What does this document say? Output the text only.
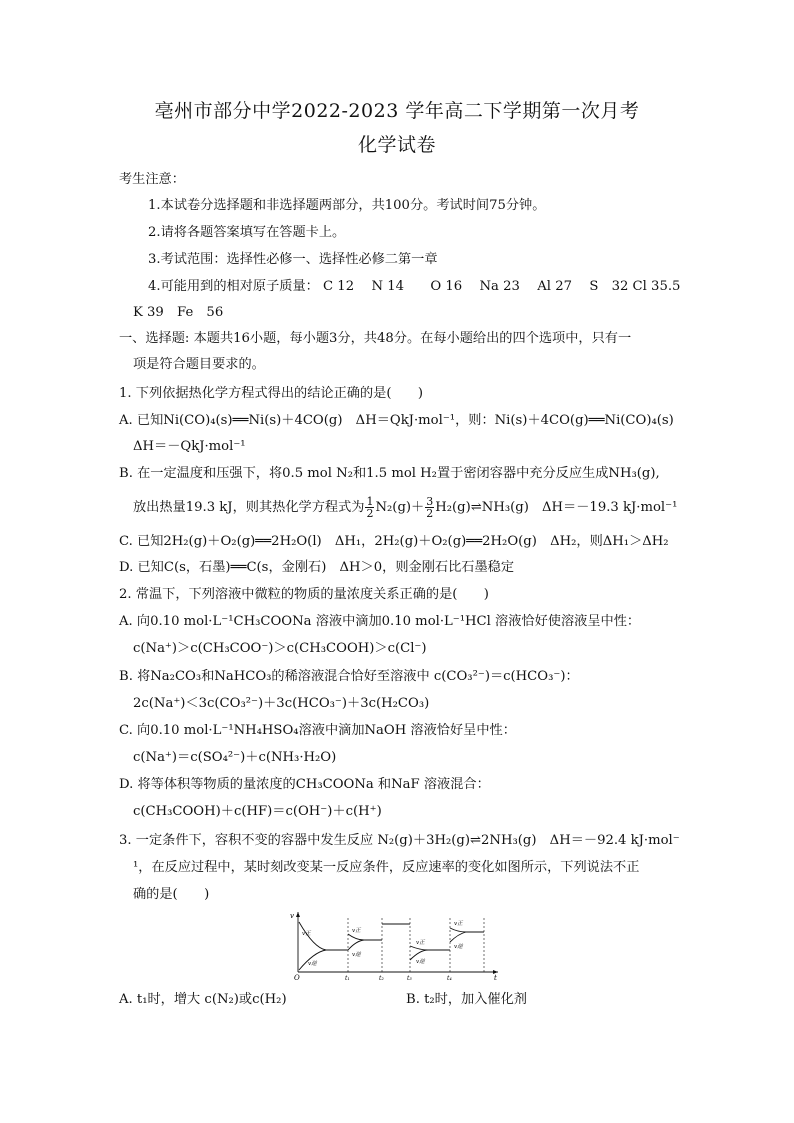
亳州市部分中学2022-2023 学年高二下学期第一次月考
化学试卷
考生注意：
1.本试卷分选择题和非选择题两部分，共100分。考试时间75分钟。
2.请将各题答案填写在答题卡上。
3.考试范围：选择性必修一、选择性必修二第一章
4.可能用到的相对原子质量： C 12　 N 14　　O 16　 Na 23　 Al 27　 S　32 Cl 35.5
K 39　Fe　56
一、选择题: 本题共16小题，每小题3分，共48分。在每小题给出的四个选项中，只有一
项是符合题目要求的。
1. 下列依据热化学方程式得出的结论正确的是(　　)
A. 已知Ni(CO)₄(s)══Ni(s)＋4CO(g)　ΔH＝QkJ·mol⁻¹，则：Ni(s)＋4CO(g)══Ni(CO)₄(s)
ΔH＝－QkJ·mol⁻¹
B. 在一定温度和压强下，将0.5 mol N₂和1.5 mol H₂置于密闭容器中充分反应生成NH₃(g),
放出热量19.3 kJ，则其热化学方程式为 $\frac{1}{2} N_2(g)+ \frac{3}{2}$ H₂(g)⇌NH₃(g)　ΔH＝－19.3 kJ·mol⁻¹
C. 已知2H₂(g)＋O₂(g)══2H₂O(l)　ΔH₁，2H₂(g)＋O₂(g)══2H₂O(g)　ΔH₂，则ΔH₁＞ΔH₂
D. 已知C(s，石墨)══C(s，金刚石)　ΔH＞0，则金刚石比石墨稳定
2. 常温下，下列溶液中微粒的物质的量浓度关系正确的是(　　)
A. 向0.10 mol·L⁻¹CH₃COONa 溶液中滴加0.10 mol·L⁻¹HCl 溶液恰好使溶液呈中性：
c(Na⁺)＞c(CH₃COO⁻)＞c(CH₃COOH)＞c(Cl⁻)
B. 将Na₂CO₃和NaHCO₃的稀溶液混合恰好至溶液中 c(CO₃²⁻)＝c(HCO₃⁻)：
2c(Na⁺)＜3c(CO₃²⁻)＋3c(HCO₃⁻)＋3c(H₂CO₃)
C. 向0.10 mol·L⁻¹NH₄HSO₄溶液中滴加NaOH 溶液恰好呈中性：
c(Na⁺)＝c(SO₄²⁻)＋c(NH₃·H₂O)
D. 将等体积等物质的量浓度的CH₃COONa 和NaF 溶液混合：
c(CH₃COOH)＋c(HF)＝c(OH⁻)＋c(H⁺)
3. 一定条件下，容积不变的容器中发生反应 N₂(g)＋3H₂(g)⇌2NH₃(g)　ΔH＝－92.4 kJ·mol⁻
¹，在反应过程中，某时刻改变某一反应条件，反应速率的变化如图所示，下列说法不正
确的是(　　)
v
t
O	t₁	t₂	t₃	t₄
v正
v逆
v正
v逆
v正
v逆
v正
v逆
A. t₁时，增大 c(N₂)或c(H₂)	B. t₂时，加入催化剂
